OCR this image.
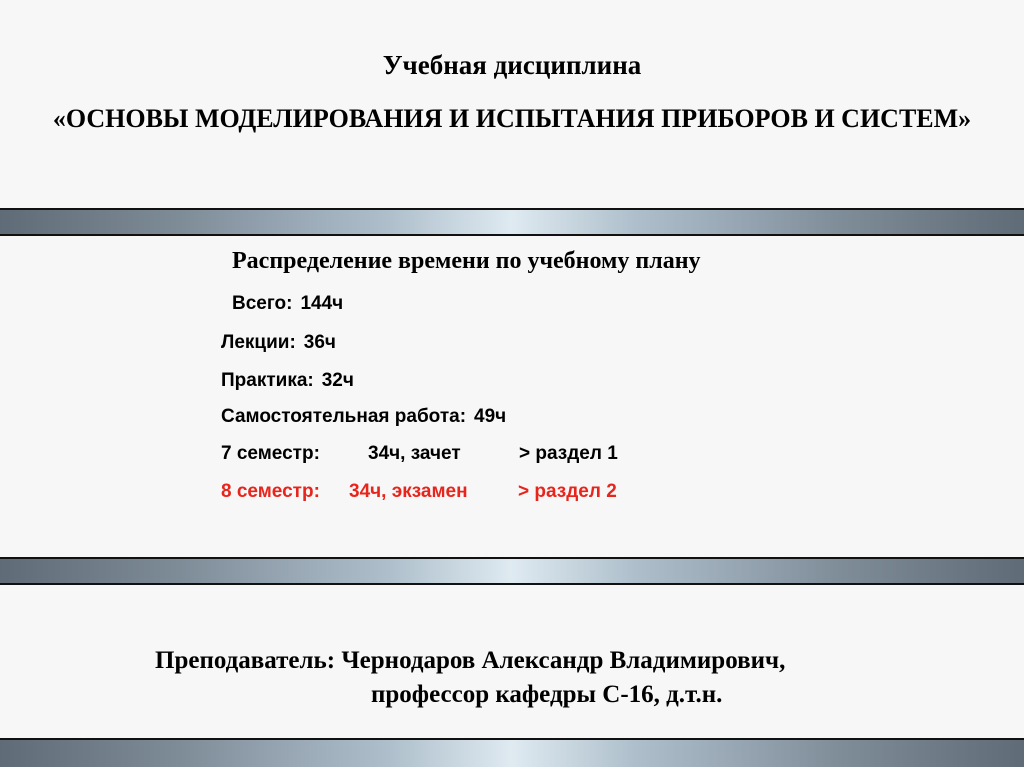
Учебная дисциплина
«ОСНОВЫ МОДЕЛИРОВАНИЯ И ИСПЫТАНИЯ ПРИБОРОВ И СИСТЕМ»
Распределение времени по учебному плану
Всего: 144ч
Лекции: 36ч
Практика: 32ч
Самостоятельная работа: 49ч
7 семестр:	34ч, зачет	> раздел 1
8 семестр: 34ч, экзамен	> раздел 2
Преподаватель: Чернодаров Александр Владимирович,
профессор кафедры С-16, д.т.н.
